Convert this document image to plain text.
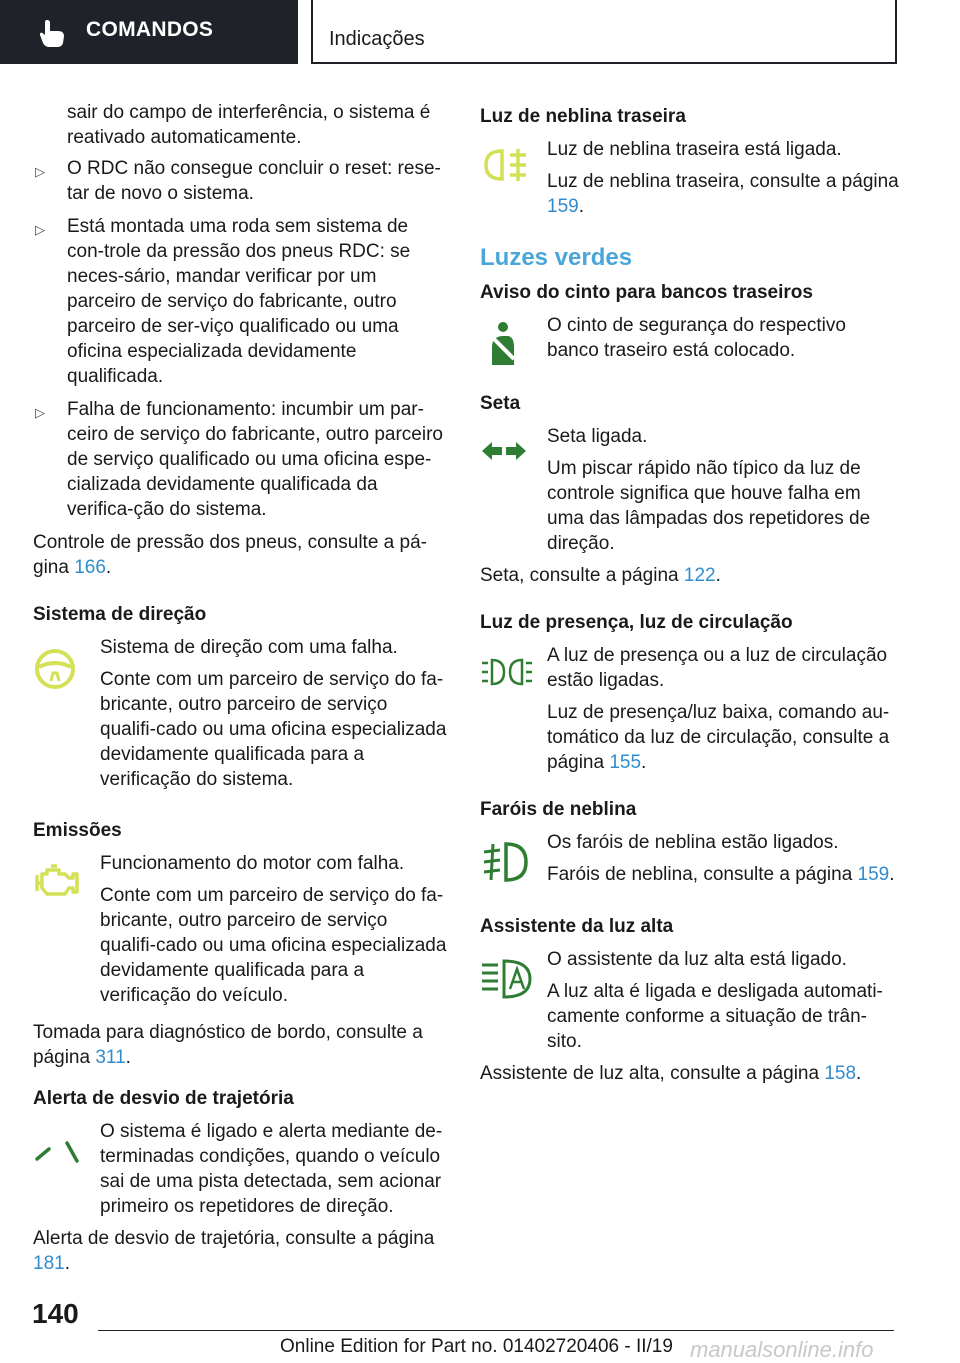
COMANDOS	Indicações

sair do campo de interferência, o sistema é reativado automaticamente.

▷ O RDC não consegue concluir o reset: rese-tar de novo o sistema.
▷ Está montada uma roda sem sistema de con-trole da pressão dos pneus RDC: se neces-sário, mandar verificar por um parceiro de serviço do fabricante, outro parceiro de ser-viço qualificado ou uma oficina especializada devidamente qualificada.
▷ Falha de funcionamento: incumbir um par-ceiro de serviço do fabricante, outro parceiro de serviço qualificado ou uma oficina espe-cializada devidamente qualificada da verifica-ção do sistema.

Controle de pressão dos pneus, consulte a pá-gina 166.

Sistema de direção

Sistema de direção com uma falha.

Conte com um parceiro de serviço do fa-bricante, outro parceiro de serviço qualifi-cado ou uma oficina especializada devidamente qualificada para a verificação do sistema.

Emissões

Funcionamento do motor com falha.

Conte com um parceiro de serviço do fa-bricante, outro parceiro de serviço qualifi-cado ou uma oficina especializada devidamente qualificada para a verificação do veículo.

Tomada para diagnóstico de bordo, consulte a página 311.

Alerta de desvio de trajetória

O sistema é ligado e alerta mediante de-terminadas condições, quando o veículo sai de uma pista detectada, sem acionar primeiro os repetidores de direção.

Alerta de desvio de trajetória, consulte a página 181.

Luz de neblina traseira

Luz de neblina traseira está ligada.

Luz de neblina traseira, consulte a página 159.

Luzes verdes
Aviso do cinto para bancos traseiros

O cinto de segurança do respectivo banco traseiro está colocado.

Seta

Seta ligada.

Um piscar rápido não típico da luz de controle significa que houve falha em uma das lâmpadas dos repetidores de direção.

Seta, consulte a página 122.

Luz de presença, luz de circulação

A luz de presença ou a luz de circulação estão ligadas.

Luz de presença/luz baixa, comando au-tomático da luz de circulação, consulte a página 155.

Faróis de neblina

Os faróis de neblina estão ligados.

Faróis de neblina, consulte a página 159.

Assistente da luz alta

O assistente da luz alta está ligado.

A luz alta é ligada e desligada automati-camente conforme a situação de trân-sito.

Assistente de luz alta, consulte a página 158.

140
Online Edition for Part no. 01402720406 - II/19 manualsonline.info
